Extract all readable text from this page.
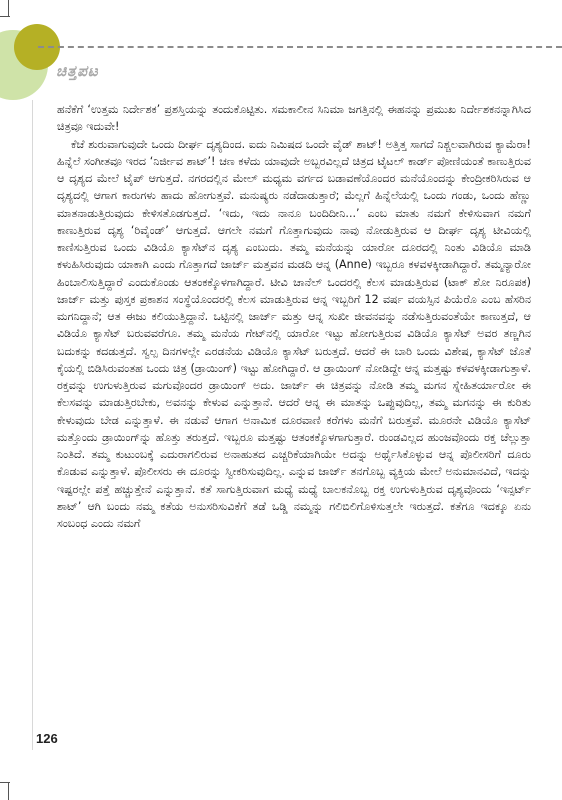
ಚಿತ್ತಪಟ

ಹನೆಕೆಗೆ ‘ಉತ್ತಮ ನಿರ್ದೇಶಕ’ ಪ್ರಶಸ್ತಿಯನ್ನು ತಂದುಕೊಟ್ಟಿತು. ಸಮಕಾಲೀನ ಸಿನಿಮಾ ಜಗತ್ತಿನಲ್ಲಿ ಈಹನನ್ನು ಪ್ರಮುಖ ನಿರ್ದೇಶಕನನ್ನಾಗಿಸಿದ ಚಿತ್ರವೂ ಇದುವೇ!

ಕೆಚೆ ಶುರುವಾಗುವುದೇ ಒಂದು ದೀರ್ಘ ದೃಶ್ಯದಿಂದ. ಐದು ನಿಮಿಷದ ಒಂದೇ ವೈಡ್ ಶಾಟ್! ಅತ್ತಿತ್ತ ಸಾಗದೆ ನಿಶ್ಚಲವಾಗಿರುವ ಕ್ಯಾಮೆರಾ! ಹಿನ್ನೆಲೆ ಸಂಗೀತವೂ ಇರದ ‘ನಿರ್ಜೀವ ಶಾಟ್’! ಚಣ ಕಳೆದು ಯಾವುದೇ ಅಬ್ಬರವಿಲ್ಲದೆ ಚಿತ್ರದ ಟೈಟಲ್ ಕಾರ್ಡ್ ಪೋಣಿಯಂತೆ ಕಾಣುತ್ತಿರುವ ಆ ದೃಶ್ಯದ ಮೇಲೆ ಟೈಪ್ ಆಗುತ್ತದೆ. ನಗರದಲ್ಲಿನ ಮೇಲ್ ಮಧ್ಯಮ ವರ್ಗದ ಬಡಾವಣೆಯೊಂದರ ಮನೆಯೊಂದನ್ನು ಕೇಂದ್ರೀಕರಿಸಿರುವ ಆ ದೃಶ್ಯದಲ್ಲಿ ಆಗಾಗ ಕಾರುಗಳು ಹಾದು ಹೋಗುತ್ತವೆ. ಮನುಷ್ಯರು ನಡೆದಾಡುತ್ತಾರೆ; ಮೆಲ್ಲಗೆ ಹಿನ್ನೆಲೆಯಲ್ಲಿ ಒಂದು ಗಂಡು, ಒಂದು ಹೆಣ್ಣು ಮಾತನಾಡುತ್ತಿರುವುದು ಕೇಳಿಸತೊಡಗುತ್ತದೆ. ‘ಇದು, ಇದು ನಾನೂ ಬಂದಿದೀನಿ...’ ಎಂಬ ಮಾತು ನಮಗೆ ಕೇಳಿಸುವಾಗ ನಮಗೆ ಕಾಣುತ್ತಿರುವ ದೃಶ್ಯ ‘ರಿವೈಂಡ್’ ಆಗುತ್ತದೆ. ಆಗಲೇ ನಮಗೆ ಗೊತ್ತಾಗುವುದು ನಾವು ನೋಡುತ್ತಿರುವ ಆ ದೀರ್ಘ ದೃಶ್ಯ ಟೀವಿಯಲ್ಲಿ ಕಾಣಿಸುತ್ತಿರುವ ಒಂದು ವಿಡಿಯೊ ಕ್ಯಾಸೆಟ್‌ನ ದೃಶ್ಯ ಎಂಬುದು. ತಮ್ಮ ಮನೆಯನ್ನು ಯಾರೋ ದೂರದಲ್ಲಿ ನಿಂತು ವಿಡಿಯೊ ಮಾಡಿ ಕಳುಹಿಸಿರುವುದು ಯಾಕಾಗಿ ಎಂದು ಗೊತ್ತಾಗದೆ ಜಾರ್ಜ್ ಮತ್ತವನ ಮಡದಿ ಆನ್ನ (Anne) ಇಬ್ಬರೂ ಕಳವಳಕ್ಕೀಡಾಗಿದ್ದಾರೆ. ತಮ್ಮನ್ಯಾರೋ ಹಿಂಬಾಲಿಸುತ್ತಿದ್ದಾರೆ ಎಂದುಕೊಂಡು ಆತಂಕಕ್ಕೊಳಗಾಗಿದ್ದಾರೆ. ಟೀವಿ ಚಾನೆಲ್ ಒಂದರಲ್ಲಿ ಕೆಲಸ ಮಾಡುತ್ತಿರುವ (ಟಾಕ್ ಶೋ ನಿರೂಪಕ) ಜಾರ್ಜ್ ಮತ್ತು ಪುಸ್ತಕ ಪ್ರಕಾಶನ ಸಂಸ್ಥೆಯೊಂದರಲ್ಲಿ ಕೆಲಸ ಮಾಡುತ್ತಿರುವ ಆನ್ನ ಇಬ್ಬರಿಗೆ 12 ವರ್ಷ ವಯಸ್ಸಿನ ಪಿಯೆರೊ ಎಂಬ ಹೆಸರಿನ ಮಗನಿದ್ದಾನೆ; ಆತ ಈಜು ಕಲಿಯುತ್ತಿದ್ದಾನೆ. ಒಟ್ಟಿನಲ್ಲಿ ಜಾರ್ಜ್ ಮತ್ತು ಆನ್ನ ಸುಖೀ ಜೀವನವನ್ನು ನಡೆಸುತ್ತಿರುವಂತೆಯೇ ಕಾಣುತ್ತದೆ, ಆ ವಿಡಿಯೊ ಕ್ಯಾಸೆಟ್ ಬರುವವರೆಗೂ. ತಮ್ಮ ಮನೆಯ ಗೇಟ್‌ನಲ್ಲಿ ಯಾರೋ ಇಟ್ಟು ಹೋಗುತ್ತಿರುವ ವಿಡಿಯೊ ಕ್ಯಾಸೆಟ್ ಅವರ ತಣ್ಣಗಿನ ಬದುಕನ್ನು ಕದಡುತ್ತದೆ. ಸ್ವಲ್ಪ ದಿನಗಳಲ್ಲೇ ಎರಡನೆಯ ವಿಡಿಯೊ ಕ್ಯಾಸೆಟ್ ಬರುತ್ತದೆ. ಆದರೆ ಈ ಬಾರಿ ಒಂದು ವಿಶೇಷ, ಕ್ಯಾಸೆಟ್ ಜೊತೆ ಕೈಯಲ್ಲಿ ಬಿಡಿಸಿರುವಂತಹ ಒಂದು ಚಿತ್ರ (ಡ್ರಾಯಿಂಗ್) ಇಟ್ಟು ಹೋಗಿದ್ದಾರೆ. ಆ ಡ್ರಾಯಿಂಗ್ ನೋಡಿದ್ದೇ ಆನ್ನ ಮತ್ತಷ್ಟು ಕಳವಳಕ್ಕೀಡಾಗುತ್ತಾಳೆ. ರಕ್ತವನ್ನು ಉಗುಳುತ್ತಿರುವ ಮಗುವೊಂದರ ಡ್ರಾಯಿಂಗ್ ಅದು. ಜಾರ್ಜ್ ಈ ಚಿತ್ರವನ್ನು ನೋಡಿ ತಮ್ಮ ಮಗನ ಸ್ನೇಹಿತರ್ಯಾರೋ ಈ ಕೆಲಸವನ್ನು ಮಾಡುತ್ತಿರಬೇಕು, ಅವನನ್ನು ಕೇಳುವ ಎನ್ನುತ್ತಾನೆ. ಆದರೆ ಆನ್ನ ಈ ಮಾತನ್ನು ಒಪ್ಪುವುದಿಲ್ಲ, ತಮ್ಮ ಮಗನನ್ನು ಈ ಕುರಿತು ಕೇಳುವುದು ಬೇಡ ಎನ್ನುತ್ತಾಳೆ. ಈ ನಡುವೆ ಆಗಾಗ ಅನಾಮಿಕ ದೂರವಾಣಿ ಕರೆಗಳು ಮನೆಗೆ ಬರುತ್ತವೆ. ಮೂರನೇ ವಿಡಿಯೊ ಕ್ಯಾಸೆಟ್ ಮತ್ತೊಂದು ಡ್ರಾಯಿಂಗ್‌ನ್ನು ಹೊತ್ತು ತರುತ್ತದೆ. ಇಬ್ಬರೂ ಮತ್ತಷ್ಟು ಆತಂಕಕ್ಕೊಳಗಾಗುತ್ತಾರೆ. ರುಂಡವಿಲ್ಲದ ಹುಂಜವೊಂದು ರಕ್ತ ಚೆಲ್ಲುತ್ತಾ ನಿಂತಿದೆ. ತಮ್ಮ ಕುಟುಂಬಕ್ಕೆ ಎದುರಾಗಲಿರುವ ಅನಾಹುತದ ಎಚ್ಚರಿಕೆಯಾಗಿಯೇ ಅದನ್ನು ಅರ್ಥೈಸಿಕೊಳ್ಳುವ ಆನ್ನ ಪೊಲೀಸರಿಗೆ ದೂರು ಕೊಡುವ ಎನ್ನುತ್ತಾಳೆ. ಪೊಲೀಸರು ಈ ದೂರನ್ನು ಸ್ವೀಕರಿಸುವುದಿಲ್ಲ. ಎನ್ನುವ ಜಾರ್ಜ್ ತನಗೊಬ್ಬ ವ್ಯಕ್ತಿಯ ಮೇಲೆ ಅನುಮಾನವಿದೆ, ಇದನ್ನು ಇಷ್ಟರಲ್ಲೇ ಪತ್ತೆ ಹಚ್ಚುತ್ತೇನೆ ಎನ್ನುತ್ತಾನೆ. ಕತೆ ಸಾಗುತ್ತಿರುವಾಗ ಮಧ್ಯೆ ಮಧ್ಯೆ ಬಾಲಕನೊಬ್ಬ ರಕ್ತ ಉಗುಳುತ್ತಿರುವ ದೃಶ್ಯವೊಂದು ‘ಇನ್ಸರ್ಟ್ ಶಾಟ್’ ಆಗಿ ಬಂದು ನಮ್ಮ ಕತೆಯ ಅನುಸರಿಸುವಿಕೆಗೆ ತಡೆ ಒಡ್ಡಿ ನಮ್ಮನ್ನು ಗಲಿಬಿಲಿಗೊಳಿಸುತ್ತಲೇ ಇರುತ್ತದೆ. ಕತೆಗೂ ಇದಕ್ಕೂ ಏನು ಸಂಬಂಧ ಎಂದು ನಮಗೆ

126
